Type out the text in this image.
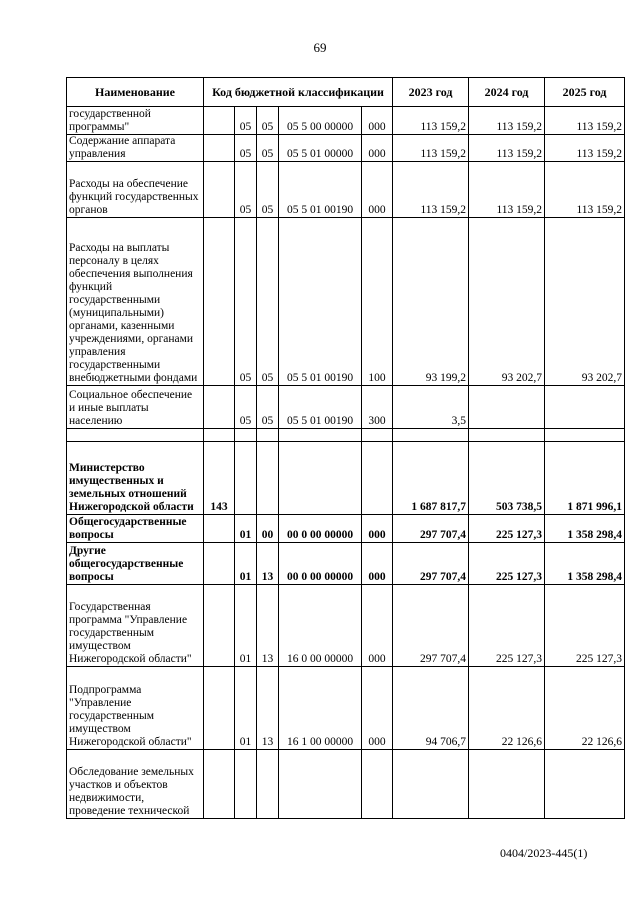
69
Наименование	Код бюджетной классификации					2023 год	2024 год	2025 год
государственной программы"		05	05	05 5 00 00000	000	113 159,2	113 159,2	113 159,2
Содержание аппарата управления		05	05	05 5 01 00000	000	113 159,2	113 159,2	113 159,2
Расходы на обеспечение функций государственных органов		05	05	05 5 01 00190	000	113 159,2	113 159,2	113 159,2
Расходы на выплаты персоналу в целях обеспечения выполнения функций государственными (муниципальными) органами, казенными учреждениями, органами управления государственными внебюджетными фондами		05	05	05 5 01 00190	100	93 199,2	93 202,7	93 202,7
Социальное обеспечение и иные выплаты населению		05	05	05 5 01 00190	300	3,5		

Министерство имущественных и земельных отношений Нижегородской области	143					1 687 817,7	503 738,5	1 871 996,1
Общегосударственные вопросы		01	00	00 0 00 00000	000	297 707,4	225 127,3	1 358 298,4
Другие общегосударственные вопросы		01	13	00 0 00 00000	000	297 707,4	225 127,3	1 358 298,4
Государственная программа "Управление государственным имуществом Нижегородской области"		01	13	16 0 00 00000	000	297 707,4	225 127,3	225 127,3
Подпрограмма "Управление государственным имуществом Нижегородской области"		01	13	16 1 00 00000	000	94 706,7	22 126,6	22 126,6
Обследование земельных участков и объектов недвижимости, проведение технической								
0404/2023-445(1)
